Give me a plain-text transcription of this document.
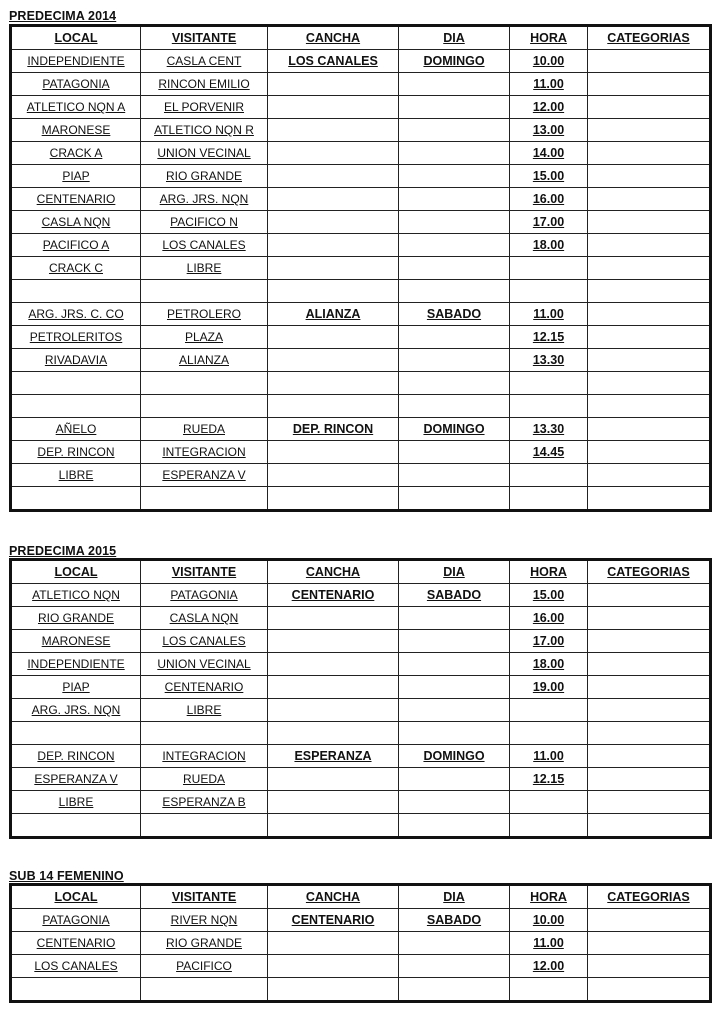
PREDECIMA 2014
LOCAL	VISITANTE	CANCHA	DIA	HORA	CATEGORIAS
INDEPENDIENTE	CASLA CENT	LOS CANALES	DOMINGO	10.00	
PATAGONIA	RINCON EMILIO			11.00	
ATLETICO NQN A	EL PORVENIR			12.00	
MARONESE	ATLETICO NQN R			13.00	
CRACK A	UNION VECINAL			14.00	
PIAP	RIO GRANDE			15.00	
CENTENARIO	ARG. JRS. NQN			16.00	
CASLA NQN	PACIFICO N			17.00	
PACIFICO A	LOS CANALES			18.00	
CRACK C	LIBRE				

ARG. JRS. C. CO	PETROLERO	ALIANZA	SABADO	11.00	
PETROLERITOS	PLAZA			12.15	
RIVADAVIA	ALIANZA			13.30	

AÑELO	RUEDA	DEP. RINCON	DOMINGO	13.30	
DEP. RINCON	INTEGRACION			14.45	
LIBRE	ESPERANZA V				

PREDECIMA 2015
LOCAL	VISITANTE	CANCHA	DIA	HORA	CATEGORIAS
ATLETICO NQN	PATAGONIA	CENTENARIO	SABADO	15.00	
RIO GRANDE	CASLA NQN			16.00	
MARONESE	LOS CANALES			17.00	
INDEPENDIENTE	UNION VECINAL			18.00	
PIAP	CENTENARIO			19.00	
ARG. JRS. NQN	LIBRE				

DEP. RINCON	INTEGRACION	ESPERANZA	DOMINGO	11.00	
ESPERANZA V	RUEDA			12.15	
LIBRE	ESPERANZA B				

SUB 14 FEMENINO
LOCAL	VISITANTE	CANCHA	DIA	HORA	CATEGORIAS
PATAGONIA	RIVER NQN	CENTENARIO	SABADO	10.00	
CENTENARIO	RIO GRANDE			11.00	
LOS CANALES	PACIFICO			12.00	
